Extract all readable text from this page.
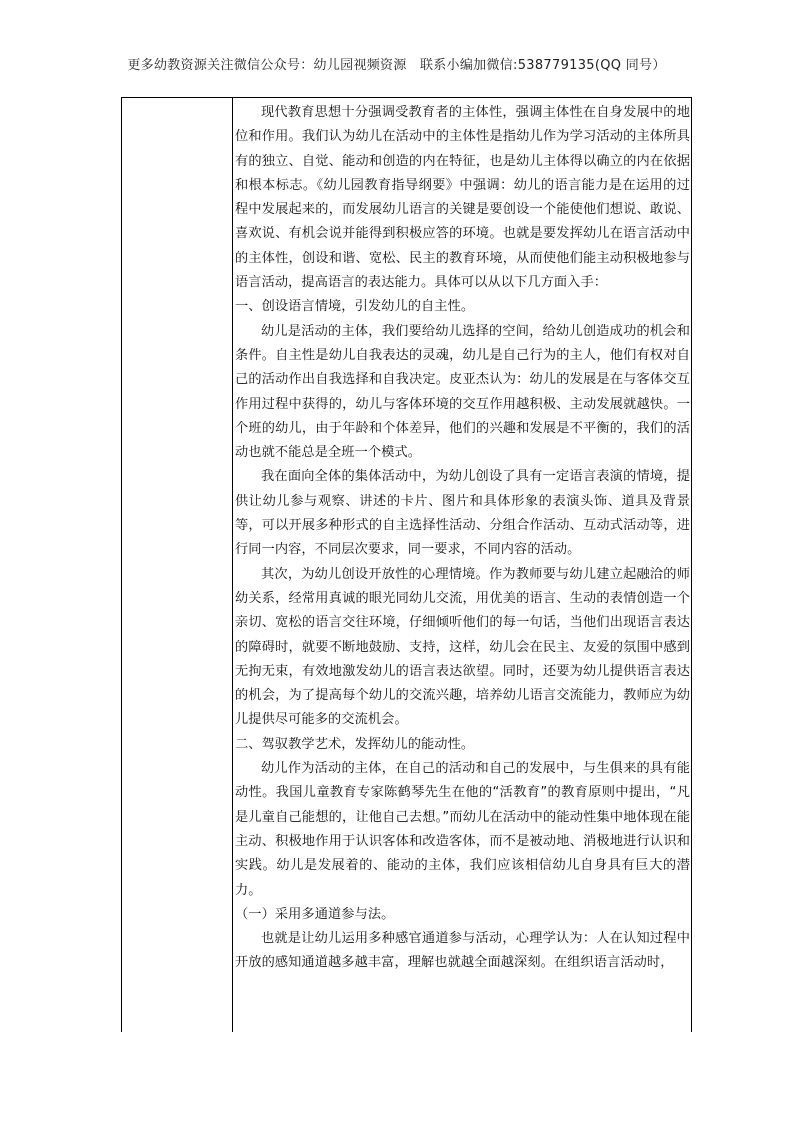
更多幼教资源关注微信公众号：幼儿园视频资源　联系小编加微信:538779135(QQ 同号）

现代教育思想十分强调受教育者的主体性，强调主体性在自身发展中的地位和作用。我们认为幼儿在活动中的主体性是指幼儿作为学习活动的主体所具有的独立、自觉、能动和创造的内在特征，也是幼儿主体得以确立的内在依据和根本标志。《幼儿园教育指导纲要》中强调：幼儿的语言能力是在运用的过程中发展起来的，而发展幼儿语言的关键是要创设一个能使他们想说、敢说、喜欢说、有机会说并能得到积极应答的环境。也就是要发挥幼儿在语言活动中的主体性，创设和谐、宽松、民主的教育环境，从而使他们能主动积极地参与语言活动，提高语言的表达能力。具体可以从以下几方面入手：

一、创设语言情境，引发幼儿的自主性。

幼儿是活动的主体，我们要给幼儿选择的空间，给幼儿创造成功的机会和条件。自主性是幼儿自我表达的灵魂，幼儿是自己行为的主人，他们有权对自己的活动作出自我选择和自我决定。皮亚杰认为：幼儿的发展是在与客体交互作用过程中获得的，幼儿与客体环境的交互作用越积极、主动发展就越快。一个班的幼儿，由于年龄和个体差异，他们的兴趣和发展是不平衡的，我们的活动也就不能总是全班一个模式。

我在面向全体的集体活动中，为幼儿创设了具有一定语言表演的情境，提供让幼儿参与观察、讲述的卡片、图片和具体形象的表演头饰、道具及背景等，可以开展多种形式的自主选择性活动、分组合作活动、互动式活动等，进行同一内容，不同层次要求，同一要求，不同内容的活动。

其次，为幼儿创设开放性的心理情境。作为教师要与幼儿建立起融洽的师幼关系，经常用真诚的眼光同幼儿交流，用优美的语言、生动的表情创造一个亲切、宽松的语言交往环境，仔细倾听他们的每一句话，当他们出现语言表达的障碍时，就要不断地鼓励、支持，这样，幼儿会在民主、友爱的氛围中感到无拘无束，有效地激发幼儿的语言表达欲望。同时，还要为幼儿提供语言表达的机会，为了提高每个幼儿的交流兴趣，培养幼儿语言交流能力，教师应为幼儿提供尽可能多的交流机会。

二、驾驭教学艺术，发挥幼儿的能动性。

幼儿作为活动的主体，在自己的活动和自己的发展中，与生俱来的具有能动性。我国儿童教育专家陈鹤琴先生在他的“活教育”的教育原则中提出，“凡是儿童自己能想的，让他自己去想。”而幼儿在活动中的能动性集中地体现在能主动、积极地作用于认识客体和改造客体，而不是被动地、消极地进行认识和实践。幼儿是发展着的、能动的主体，我们应该相信幼儿自身具有巨大的潜力。

（一）采用多通道参与法。

也就是让幼儿运用多种感官通道参与活动，心理学认为：人在认知过程中开放的感知通道越多越丰富，理解也就越全面越深刻。在组织语言活动时，
